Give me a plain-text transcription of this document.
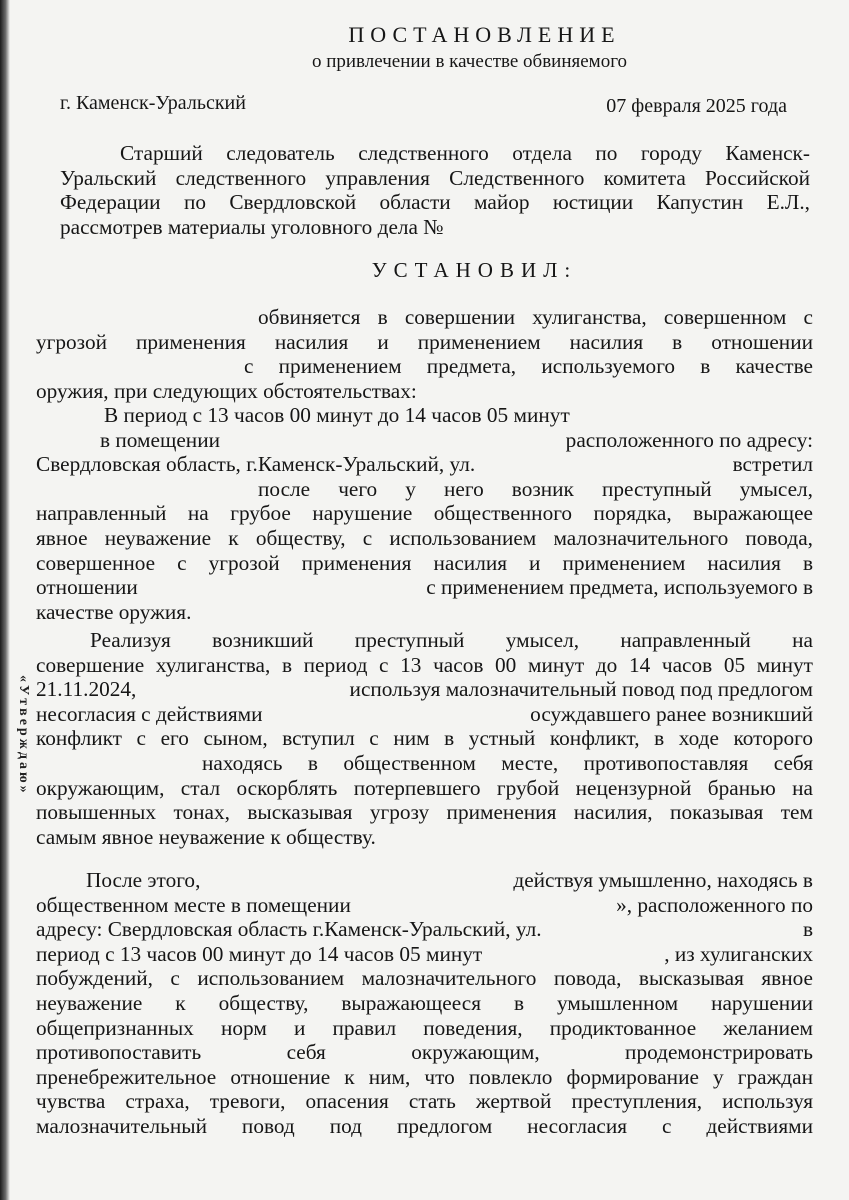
«Утверждаю»
ПОСТАНОВЛЕНИЕ
о привлечении в качестве обвиняемого
г. Каменск-Уральский	07 февраля 2025 года
Старший следователь следственного отдела по городу Каменск-
Уральский следственного управления Следственного комитета Российской
Федерации по Свердловской области майор юстиции Капустин Е.Л.,
рассмотрев материалы уголовного дела №
УСТАНОВИЛ:
обвиняется в совершении хулиганства, совершенном с
угрозой применения насилия и применением насилия в отношении
с применением предмета, используемого в качестве
оружия, при следующих обстоятельствах:
В период с 13 часов 00 минут до 14 часов 05 минут
в помещении	расположенного по адресу:
Свердловская область, г.Каменск-Уральский, ул.	встретил
после чего у него возник преступный умысел,
направленный на грубое нарушение общественного порядка, выражающее
явное неуважение к обществу, с использованием малозначительного повода,
совершенное с угрозой применения насилия и применением насилия в
отношении	с применением предмета, используемого в
качестве оружия.
Реализуя возникший преступный умысел, направленный на
совершение хулиганства, в период с 13 часов 00 минут до 14 часов 05 минут
21.11.2024,	используя малозначительный повод под предлогом
несогласия с действиями	осуждавшего ранее возникший
конфликт с его сыном, вступил с ним в устный конфликт, в ходе которого
находясь в общественном месте, противопоставляя себя
окружающим, стал оскорблять потерпевшего грубой нецензурной бранью на
повышенных тонах, высказывая угрозу применения насилия, показывая тем
самым явное неуважение к обществу.
После этого,	действуя умышленно, находясь в
общественном месте в помещении	», расположенного по
адресу: Свердловская область г.Каменск-Уральский, ул.	в
период с 13 часов 00 минут до 14 часов 05 минут	, из хулиганских
побуждений, с использованием малозначительного повода, высказывая явное
неуважение к обществу, выражающееся в умышленном нарушении
общепризнанных норм и правил поведения, продиктованное желанием
противопоставить себя окружающим, продемонстрировать
пренебрежительное отношение к ним, что повлекло формирование у граждан
чувства страха, тревоги, опасения стать жертвой преступления, используя
малозначительный повод под предлогом несогласия с действиями
